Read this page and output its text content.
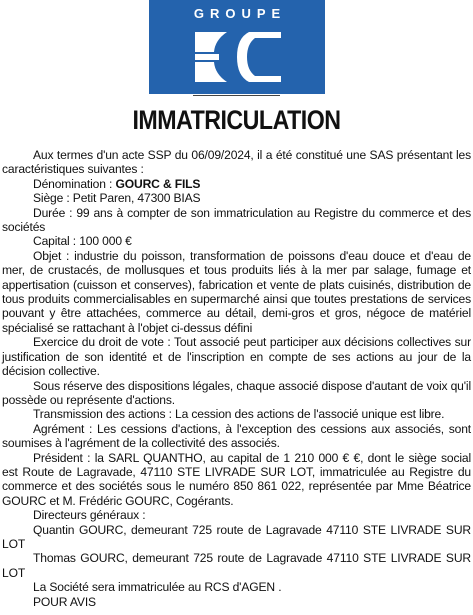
GROUPE
IMMATRICULATION

Aux termes d'un acte SSP du 06/09/2024, il a été constitué une SAS présentant les caractéristiques suivantes :

Dénomination : GOURC & FILS

Siège : Petit Paren, 47300 BIAS

Durée : 99 ans à compter de son immatriculation au Registre du commerce et des sociétés

Capital : 100 000 €

Objet : industrie du poisson, transformation de poissons d'eau douce et d'eau de mer, de crustacés, de mollusques et tous produits liés à la mer par salage, fumage et appertisation (cuisson et conserves), fabrication et vente de plats cuisinés, distribution de tous produits commercialisables en supermarché ainsi que toutes prestations de services pouvant y être attachées, commerce au détail, demi-gros et gros, négoce de matériel spécialisé se rattachant à l'objet ci-dessus défini

Exercice du droit de vote : Tout associé peut participer aux décisions collectives sur justification de son identité et de l'inscription en compte de ses actions au jour de la décision collective.

Sous réserve des dispositions légales, chaque associé dispose d'autant de voix qu'il possède ou représente d'actions.

Transmission des actions : La cession des actions de l'associé unique est libre.

Agrément : Les cessions d'actions, à l'exception des cessions aux associés, sont soumises à l'agrément de la collectivité des associés.

Président : la SARL QUANTHO, au capital de 1 210 000 € €, dont le siège social est Route de Lagravade, 47110 STE LIVRADE SUR LOT, immatriculée au Registre du commerce et des sociétés sous le numéro 850 861 022, représentée par Mme Béatrice GOURC et M. Frédéric GOURC, Cogérants.

Directeurs généraux :

Quantin GOURC, demeurant 725 route de Lagravade 47110 STE LIVRADE SUR LOT

Thomas GOURC, demeurant 725 route de Lagravade 47110 STE LIVRADE SUR LOT

La Société sera immatriculée au RCS d'AGEN .

POUR AVIS
